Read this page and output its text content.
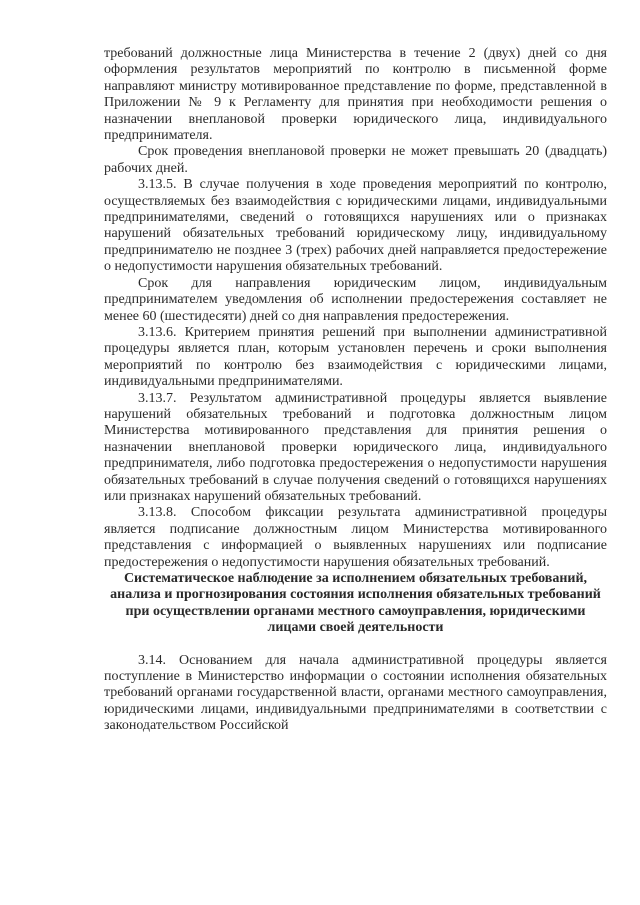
требований должностные лица Министерства в течение 2 (двух) дней со дня оформления результатов мероприятий по контролю в письменной форме направляют министру мотивированное представление по форме, представленной в Приложении № 9 к Регламенту для принятия при необходимости решения о назначении внеплановой проверки юридического лица, индивидуального предпринимателя.

Срок проведения внеплановой проверки не может превышать 20 (двадцать) рабочих дней.

3.13.5. В случае получения в ходе проведения мероприятий по контролю, осуществляемых без взаимодействия с юридическими лицами, индивидуальными предпринимателями, сведений о готовящихся нарушениях или о признаках нарушений обязательных требований юридическому лицу, индивидуальному предпринимателю не позднее 3 (трех) рабочих дней направляется предостережение о недопустимости нарушения обязательных требований.

Срок для направления юридическим лицом, индивидуальным предпринимателем уведомления об исполнении предостережения составляет не менее 60 (шестидесяти) дней со дня направления предостережения.

3.13.6. Критерием принятия решений при выполнении административной процедуры является план, которым установлен перечень и сроки выполнения мероприятий по контролю без взаимодействия с юридическими лицами, индивидуальными предпринимателями.

3.13.7. Результатом административной процедуры является выявление нарушений обязательных требований и подготовка должностным лицом Министерства мотивированного представления для принятия решения о назначении внеплановой проверки юридического лица, индивидуального предпринимателя, либо подготовка предостережения о недопустимости нарушения обязательных требований в случае получения сведений о готовящихся нарушениях или признаках нарушений обязательных требований.

3.13.8. Способом фиксации результата административной процедуры является подписание должностным лицом Министерства мотивированного представления с информацией о выявленных нарушениях или подписание предостережения о недопустимости нарушения обязательных требований.

Систематическое наблюдение за исполнением обязательных требований, анализа и прогнозирования состояния исполнения обязательных требований при осуществлении органами местного самоуправления, юридическими лицами своей деятельности

3.14. Основанием для начала административной процедуры является поступление в Министерство информации о состоянии исполнения обязательных требований органами государственной власти, органами местного самоуправления, юридическими лицами, индивидуальными предпринимателями в соответствии с законодательством Российской
